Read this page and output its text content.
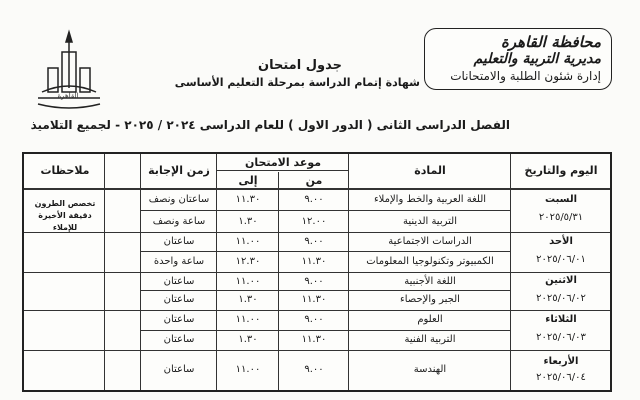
القاهرة
محافظة القاهرة
مديرية التربية والتعليم
إدارة شئون الطلبة والامتحانات
جدول امتحان
شهادة إتمام الدراسة بمرحلة التعليم الأساسى
الفصل الدراسى الثانى ( الدور الاول ) للعام الدراسى ٢٠٢٤ / ٢٠٢٥ - لجميع التلاميذ
اليوم والتاريخ
المادة
موعد الامتحان
من
إلى
زمن الإجابة
ملاحظات
السبت
٢٠٢٥/٥/٣١
الأحد
٢٠٢٥/٠٦/٠١
الاثنين
٢٠٢٥/٠٦/٠٢
الثلاثاء
٢٠٢٥/٠٦/٠٣
الأربعاء
٢٠٢٥/٠٦/٠٤
اللغة العربية والخط والإملاء
٩.٠٠
١١.٣٠
ساعتان ونصف
التربية الدينية
١٢.٠٠
١.٣٠
ساعة ونصف
تخصص الطرون دقيقة الأخيرة للإملاء
الدراسات الاجتماعية
٩.٠٠
١١.٠٠
ساعتان
الكمبيوتر وتكنولوجيا المعلومات
١١.٣٠
١٢.٣٠
ساعة واحدة
اللغة الأجنبية
٩.٠٠
١١.٠٠
ساعتان
الجبر والإحصاء
١١.٣٠
١.٣٠
ساعتان
العلوم
٩.٠٠
١١.٠٠
ساعتان
التربية الفنية
١١.٣٠
١.٣٠
ساعتان
الهندسة
٩.٠٠
١١.٠٠
ساعتان
